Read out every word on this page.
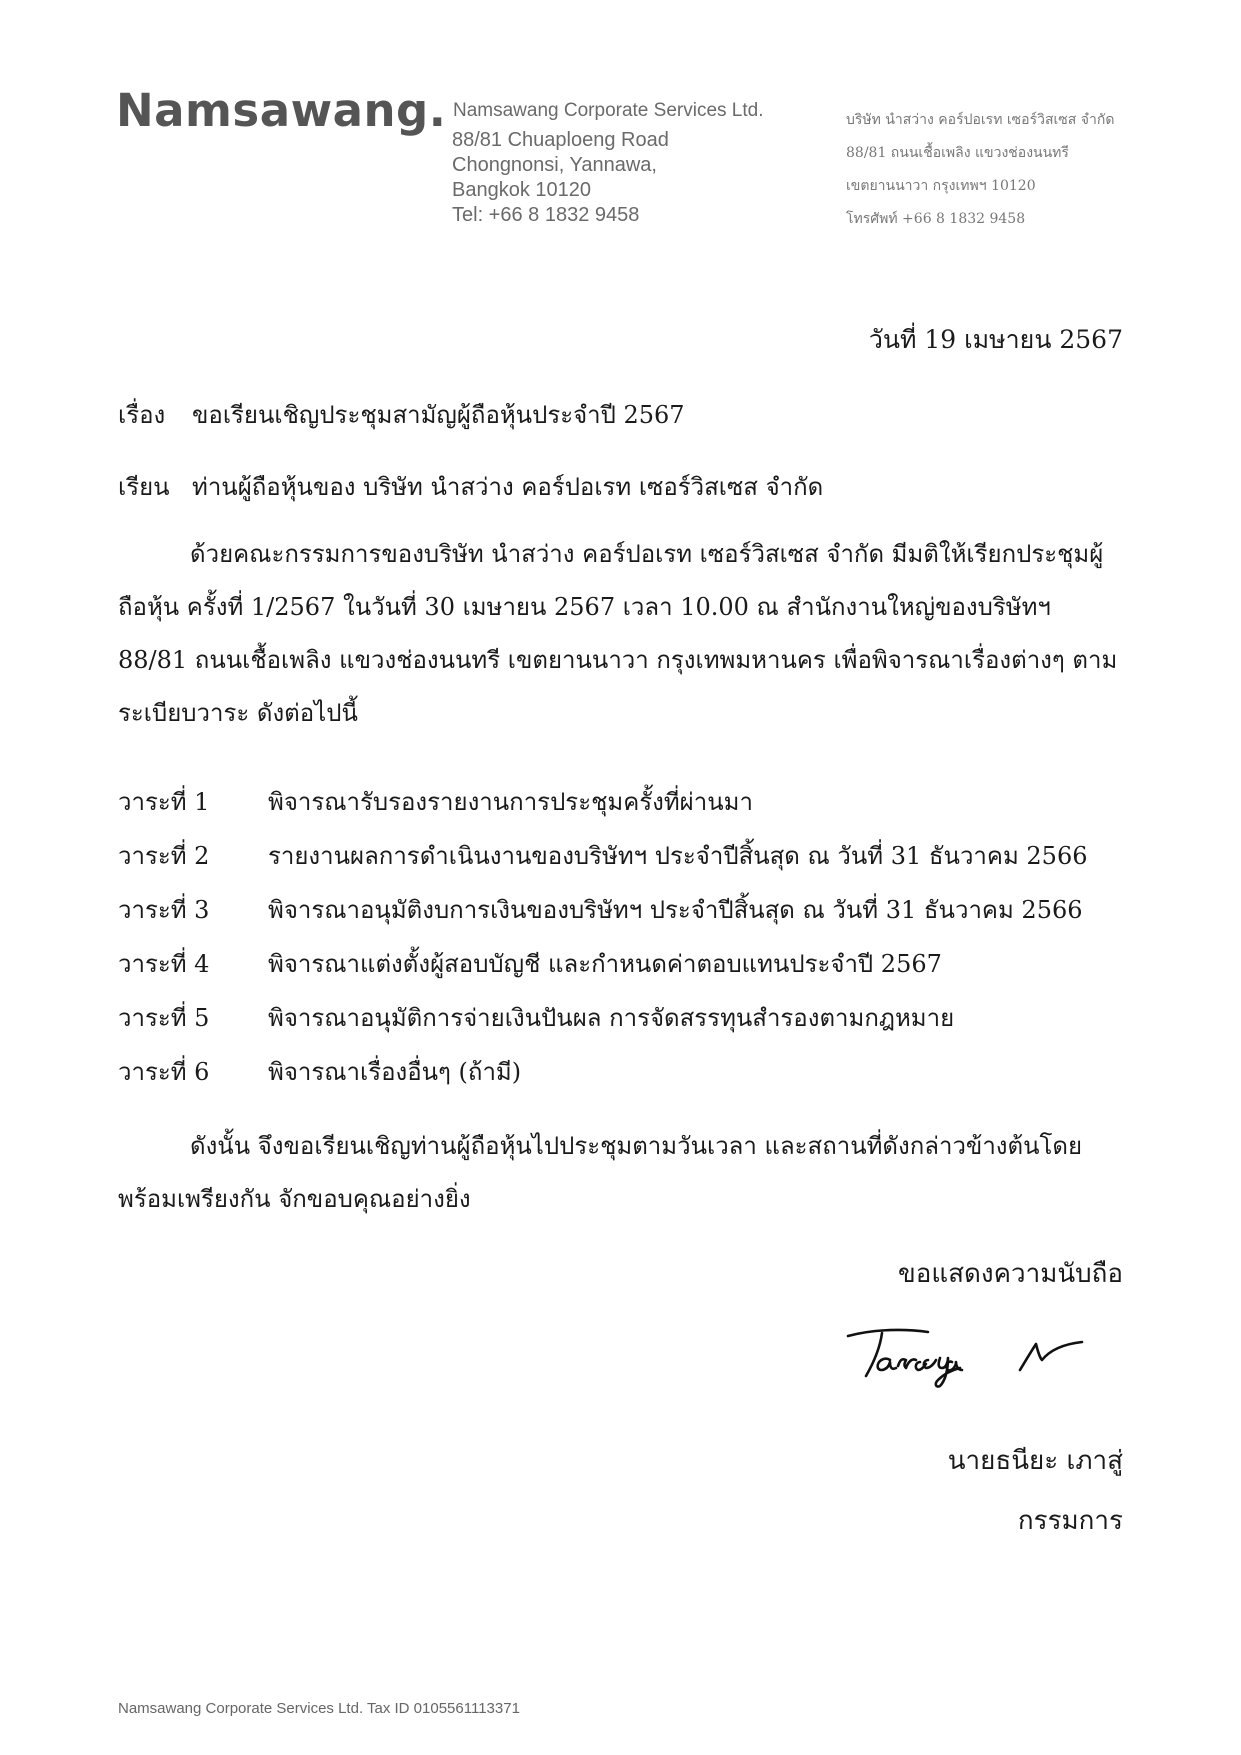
Namsawang. Namsawang Corporate Services Ltd.
88/81 Chuaploeng Road
Chongnonsi, Yannawa,
Bangkok 10120
Tel: +66 8 1832 9458
บริษัท นำสว่าง คอร์ปอเรท เซอร์วิสเซส จำกัด
88/81 ถนนเชื้อเพลิง แขวงช่องนนทรี
เขตยานนาวา กรุงเทพฯ 10120
โทรศัพท์ +66 8 1832 9458
วันที่ 19 เมษายน 2567
เรื่อง ขอเรียนเชิญประชุมสามัญผู้ถือหุ้นประจำปี 2567
เรียน ท่านผู้ถือหุ้นของ บริษัท นำสว่าง คอร์ปอเรท เซอร์วิสเซส จำกัด
ด้วยคณะกรรมการของบริษัท นำสว่าง คอร์ปอเรท เซอร์วิสเซส จำกัด มีมติให้เรียกประชุมผู้ถือหุ้น ครั้งที่ 1/2567 ในวันที่ 30 เมษายน 2567 เวลา 10.00 ณ สำนักงานใหญ่ของบริษัทฯ 88/81 ถนนเชื้อเพลิง แขวงช่องนนทรี เขตยานนาวา กรุงเทพมหานคร เพื่อพิจารณาเรื่องต่างๆ ตามระเบียบวาระ ดังต่อไปนี้
วาระที่ 1 พิจารณารับรองรายงานการประชุมครั้งที่ผ่านมา
วาระที่ 2 รายงานผลการดำเนินงานของบริษัทฯ ประจำปีสิ้นสุด ณ วันที่ 31 ธันวาคม 2566
วาระที่ 3 พิจารณาอนุมัติงบการเงินของบริษัทฯ ประจำปีสิ้นสุด ณ วันที่ 31 ธันวาคม 2566
วาระที่ 4 พิจารณาแต่งตั้งผู้สอบบัญชี และกำหนดค่าตอบแทนประจำปี 2567
วาระที่ 5 พิจารณาอนุมัติการจ่ายเงินปันผล การจัดสรรทุนสำรองตามกฎหมาย
วาระที่ 6 พิจารณาเรื่องอื่นๆ (ถ้ามี)
ดังนั้น จึงขอเรียนเชิญท่านผู้ถือหุ้นไปประชุมตามวันเวลา และสถานที่ดังกล่าวข้างต้นโดยพร้อมเพรียงกัน จักขอบคุณอย่างยิ่ง
ขอแสดงความนับถือ
นายธนียะ เภาสู่
กรรมการ
Namsawang Corporate Services Ltd. Tax ID 0105561113371
